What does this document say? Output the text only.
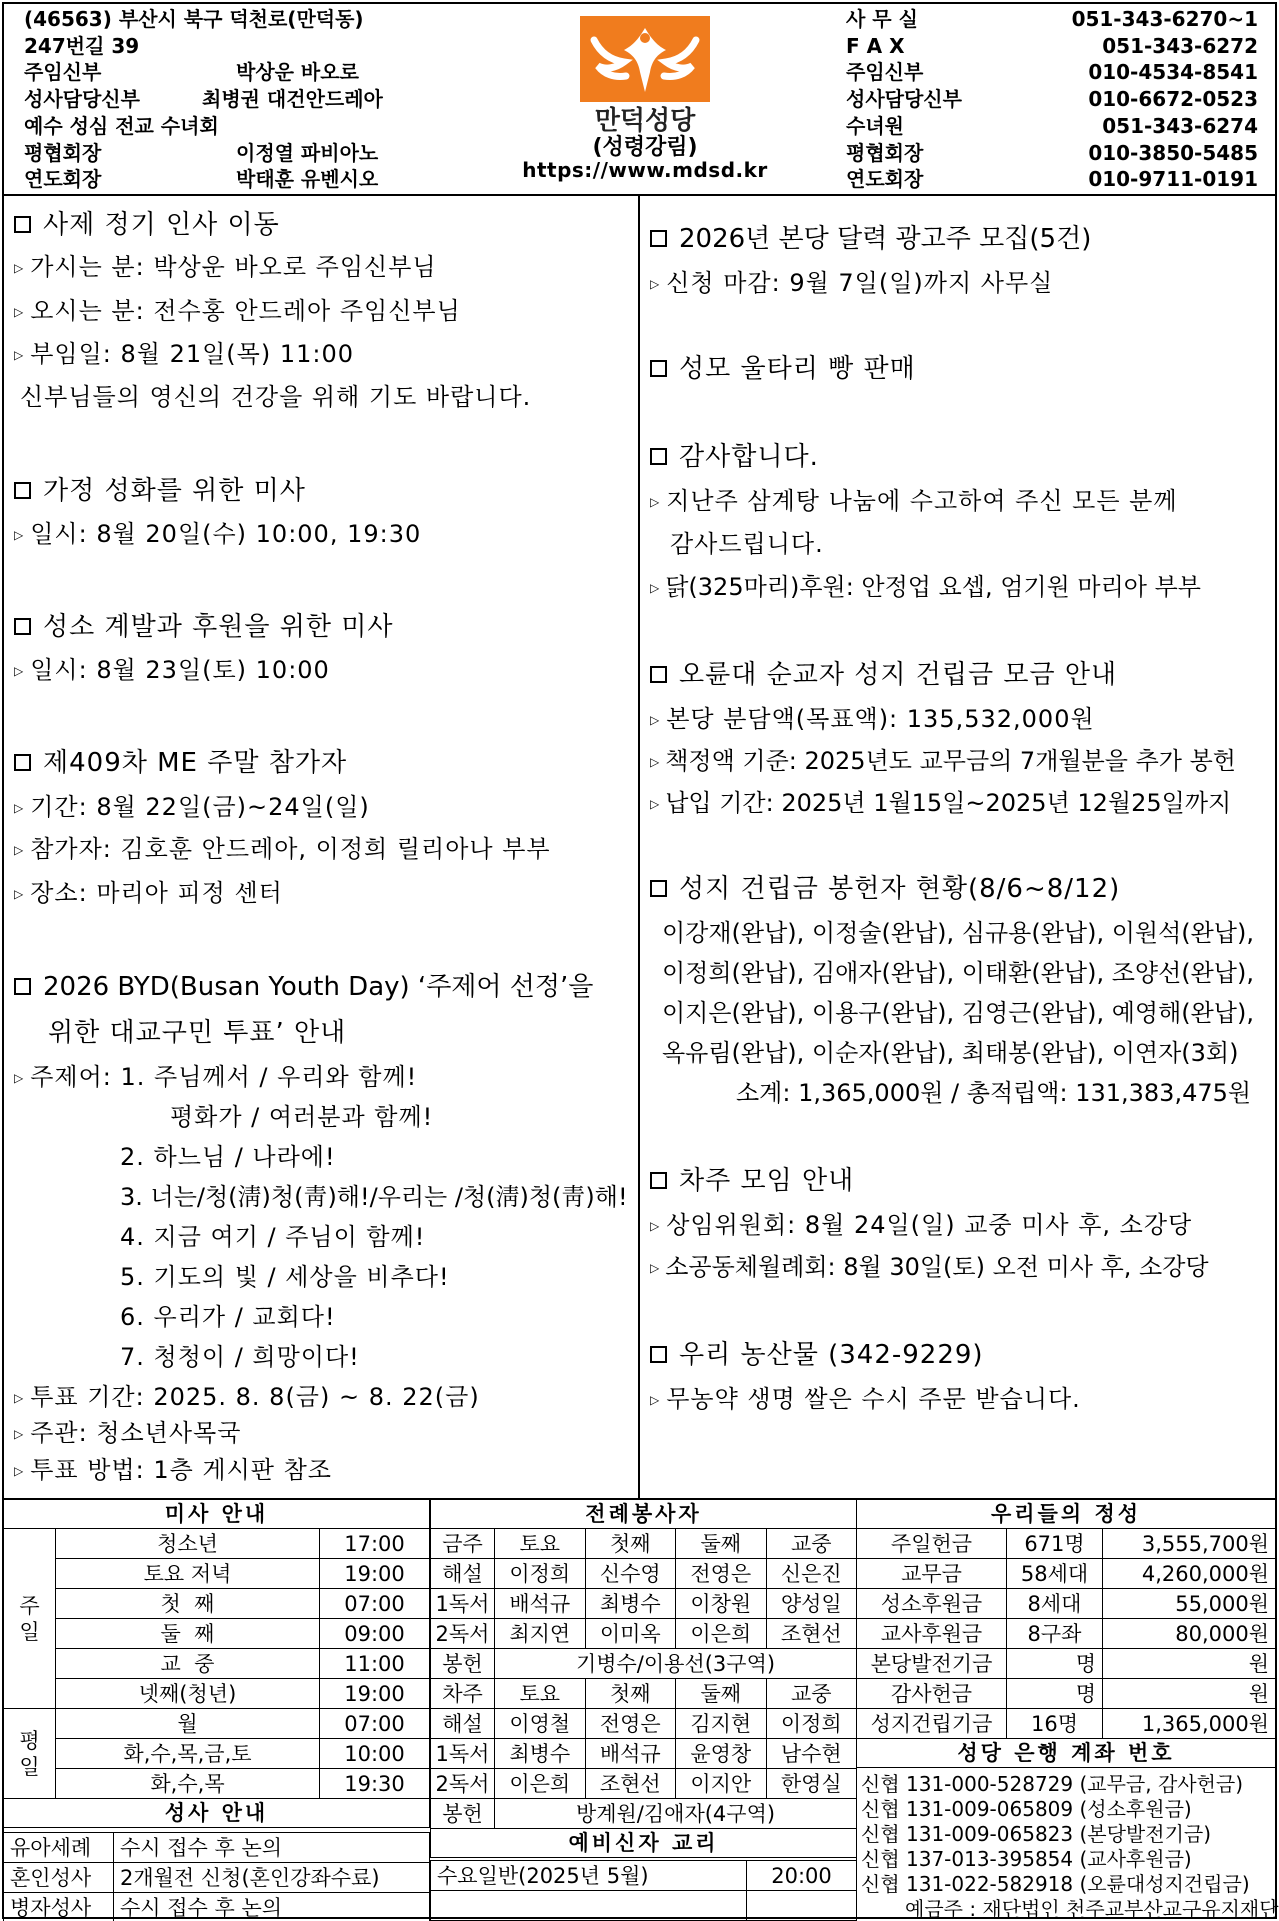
(46563) 부산시 북구 덕천로(만덕동)
247번길 39
주임신부	박상운 바오로
성사담당신부	최병권 대건안드레아
예수 성심 전교 수녀회
평협회장	이정열 파비아노
연도회장	박태훈 유벤시오
만덕성당
(성령강림)
https://www.mdsd.kr
사 무 실	051-343-6270~1
F A X	051-343-6272
주임신부	010-4534-8541
성사담당신부	010-6672-0523
수녀원	051-343-6274
평협회장	010-3850-5485
연도회장	010-9711-0191
사제 정기 인사 이동
▷ 가시는 분: 박상운 바오로 주임신부님
▷ 오시는 분: 전수홍 안드레아 주임신부님
▷ 부임일: 8월 21일(목) 11:00
신부님들의 영신의 건강을 위해 기도 바랍니다.
가정 성화를 위한 미사
▷ 일시: 8월 20일(수) 10:00, 19:30
성소 계발과 후원을 위한 미사
▷ 일시: 8월 23일(토) 10:00
제409차 ME 주말 참가자
▷ 기간: 8월 22일(금)~24일(일)
▷ 참가자: 김호훈 안드레아, 이정희 릴리아나 부부
▷ 장소: 마리아 피정 센터
2026 BYD(Busan Youth Day) ‘주제어 선정’을
위한 대교구민 투표’ 안내
▷ 주제어: 1. 주님께서 / 우리와 함께!
평화가 / 여러분과 함께!
2. 하느님 / 나라에!
3. 너는/청(淸)청(靑)해!/우리는 /청(淸)청(靑)해!
4. 지금 여기 / 주님이 함께!
5. 기도의 빛 / 세상을 비추다!
6. 우리가 / 교회다!
7. 청청이 / 희망이다!
▷ 투표 기간: 2025. 8. 8(금) ~ 8. 22(금)
▷ 주관: 청소년사목국
▷ 투표 방법: 1층 게시판 참조
2026년 본당 달력 광고주 모집(5건)
▷ 신청 마감: 9월 7일(일)까지 사무실
성모 울타리 빵 판매
감사합니다.
▷ 지난주 삼계탕 나눔에 수고하여 주신 모든 분께
감사드립니다.
▷ 닭(325마리)후원: 안정업 요셉, 엄기원 마리아 부부
오륜대 순교자 성지 건립금 모금 안내
▷ 본당 분담액(목표액): 135,532,000원
▷ 책정액 기준: 2025년도 교무금의 7개월분을 추가 봉헌
▷ 납입 기간: 2025년 1월15일~2025년 12월25일까지
성지 건립금 봉헌자 현황(8/6~8/12)
이강재(완납), 이정술(완납), 심규용(완납), 이원석(완납),
이정희(완납), 김애자(완납), 이태환(완납), 조양선(완납),
이지은(완납), 이용구(완납), 김영근(완납), 예영해(완납),
옥유림(완납), 이순자(완납), 최태봉(완납), 이연자(3회)
소계: 1,365,000원 / 총적립액: 131,383,475원
차주 모임 안내
▷ 상임위원회: 8월 24일(일) 교중 미사 후, 소강당
▷ 소공동체월례회: 8월 30일(토) 오전 미사 후, 소강당
우리 농산물 (342-9229)
▷ 무농약 생명 쌀은 수시 주문 받습니다.
미사 안내		
주일	청소년	17:00
	토요 저녁	19:00
	첫  째	07:00
	둘  째	09:00
	교  중	11:00
	넷째(청년)	19:00
평일	월	07:00
	화,수,목,금,토	10:00
	화,수,목	19:30
성사 안내		
유아세례	수시 접수 후 논의
혼인성사	2개월전 신청(혼인강좌수료)
병자성사	수시 접수 후 논의
전례봉사자				
금주	토요	첫째	둘째	교중
해설	이정희	신수영	전영은	신은진
1독서	배석규	최병수	이창원	양성일
2독서	최지연	이미옥	이은희	조현선
봉헌	기병수/이용선(3구역)			
차주	토요	첫째	둘째	교중
해설	이영철	전영은	김지현	이정희
1독서	최병수	배석규	윤영창	남수현
2독서	이은희	조현선	이지안	한영실
봉헌	방계원/김애자(4구역)			
예비신자 교리				
수요일반(2025년 5월)	20:00

우리들의 정성		
주일헌금	671명	3,555,700원
교무금	58세대	4,260,000원
성소후원금	8세대	55,000원
교사후원금	8구좌	80,000원
본당발전기금	명	원
감사헌금	명	원
성지건립기금	16명	1,365,000원
성당 은행 계좌 번호		
신협 131-000-528729 (교무금, 감사헌금)
신협 131-009-065809 (성소후원금)
신협 131-009-065823 (본당발전기금)
신협 137-013-395854 (교사후원금)
신협 131-022-582918 (오륜대성지건립금)
예금주 : 재단법인 천주교부산교구유지재단
